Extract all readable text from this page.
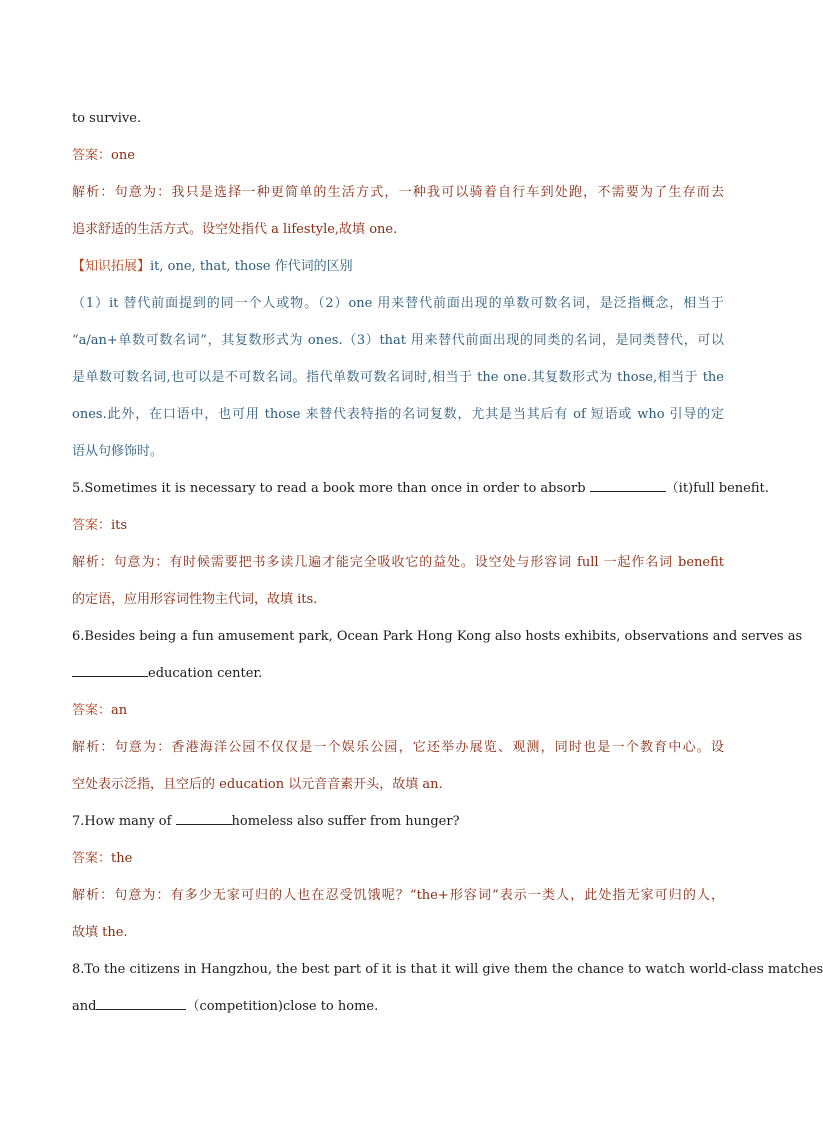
to survive.
答案：one
解析：句意为：我只是选择一种更简单的生活方式，一种我可以骑着自行车到处跑，不需要为了生存而去
追求舒适的生活方式。设空处指代 a lifestyle,故填 one.
【知识拓展】it, one, that, those 作代词的区别
（1）it 替代前面提到的同一个人或物。（2）one 用来替代前面出现的单数可数名词，是泛指概念，相当于
“a/an+单数可数名词”，其复数形式为 ones.（3）that 用来替代前面出现的同类的名词，是同类替代，可以
是单数可数名词,也可以是不可数名词。指代单数可数名词时,相当于 the one.其复数形式为 those,相当于 the
ones.此外，在口语中，也可用 those 来替代表特指的名词复数，尤其是当其后有 of 短语或 who 引导的定
语从句修饰时。
5.Sometimes it is necessary to read a book more than once in order to absorb	（it)full benefit.
答案：its
解析：句意为：有时候需要把书多读几遍才能完全吸收它的益处。设空处与形容词 full 一起作名词 benefit
的定语，应用形容词性物主代词，故填 its.
6.Besides being a fun amusement park, Ocean Park Hong Kong also hosts exhibits, observations and serves as
education center.
答案：an
解析：句意为：香港海洋公园不仅仅是一个娱乐公园，它还举办展览、观测，同时也是一个教育中心。设
空处表示泛指，且空后的 education 以元音音素开头，故填 an.
7.How many of	homeless also suffer from hunger?
答案：the
解析：句意为：有多少无家可归的人也在忍受饥饿呢？“the+形容词”表示一类人，此处指无家可归的人，
故填 the.
8.To the citizens in Hangzhou, the best part of it is that it will give them the chance to watch world-class matches
and	（competition)close to home.
